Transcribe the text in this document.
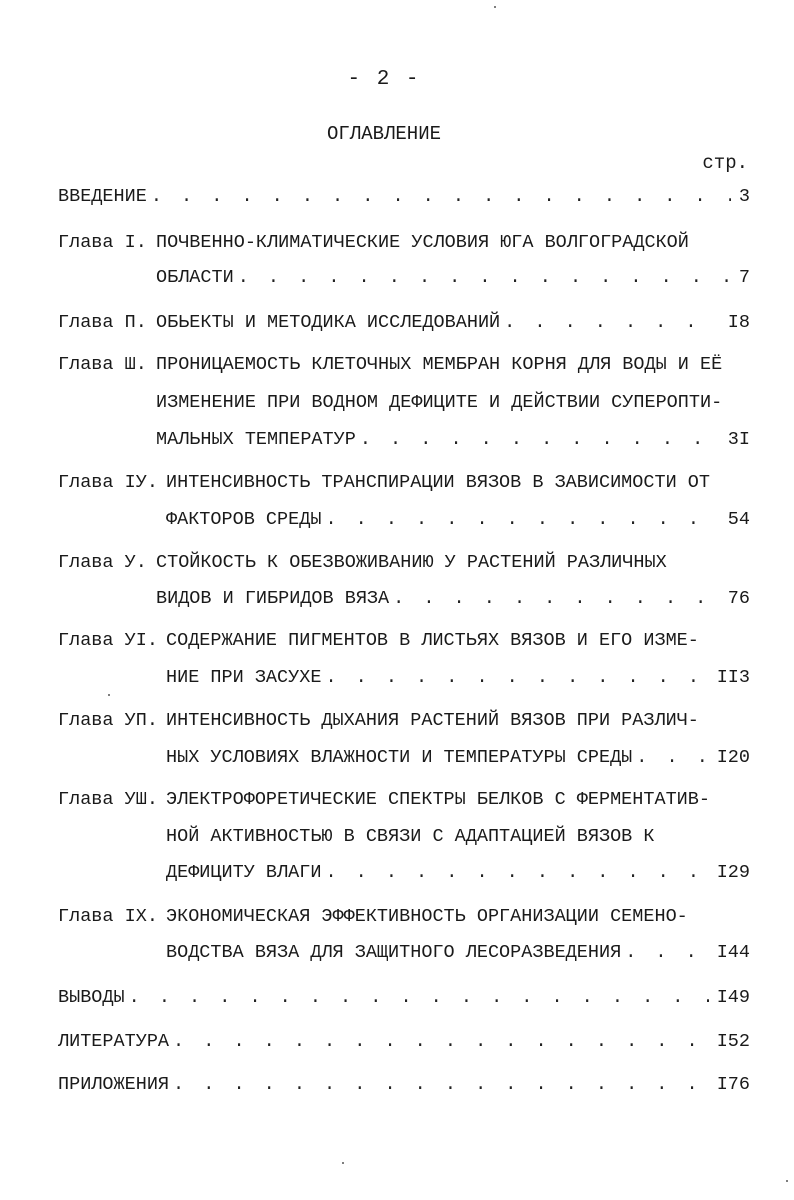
- 2 -
ОГЛАВЛЕНИЕ
стр.
ВВЕДЕНИЕ . . .	3
Глава I. ПОЧВЕННО-КЛИМАТИЧЕСКИЕ УСЛОВИЯ ЮГА ВОЛГОГРАДСКОЙ
ОБЛАСТИ . . .	7
Глава П. ОБЬЕКТЫ И МЕТОДИКА ИССЛЕДОВАНИЙ . . .	I8
Глава Ш. ПРОНИЦАЕМОСТЬ КЛЕТОЧНЫХ МЕМБРАН КОРНЯ ДЛЯ ВОДЫ И ЕЁ
ИЗМЕНЕНИЕ ПРИ ВОДНОМ ДЕФИЦИТЕ И ДЕЙСТВИИ СУПЕРОПТИ-
МАЛЬНЫХ ТЕМПЕРАТУР . . .	3I
Глава IУ. ИНТЕНСИВНОСТЬ ТРАНСПИРАЦИИ ВЯЗОВ В ЗАВИСИМОСТИ ОТ
ФАКТОРОВ СРЕДЫ . . .	54
Глава У. СТОЙКОСТЬ К ОБЕЗВОЖИВАНИЮ У РАСТЕНИЙ РАЗЛИЧНЫХ
ВИДОВ И ГИБРИДОВ ВЯЗА . . .	76
Глава УI. СОДЕРЖАНИЕ ПИГМЕНТОВ В ЛИСТЬЯХ ВЯЗОВ И ЕГО ИЗМЕ-
НИЕ ПРИ ЗАСУХЕ . . .	II3
Глава УП. ИНТЕНСИВНОСТЬ ДЫХАНИЯ РАСТЕНИЙ ВЯЗОВ ПРИ РАЗЛИЧ-
НЫХ УСЛОВИЯХ ВЛАЖНОСТИ И ТЕМПЕРАТУРЫ СРЕДЫ . . .	I20
Глава УШ. ЭЛЕКТРОФОРЕТИЧЕСКИЕ СПЕКТРЫ БЕЛКОВ С ФЕРМЕНТАТИВ-
НОЙ АКТИВНОСТЬЮ В СВЯЗИ С АДАПТАЦИЕЙ ВЯЗОВ К
ДЕФИЦИТУ ВЛАГИ . . .	I29
Глава IX. ЭКОНОМИЧЕСКАЯ ЭФФЕКТИВНОСТЬ ОРГАНИЗАЦИИ СЕМЕНО-
ВОДСТВА ВЯЗА ДЛЯ ЗАЩИТНОГО ЛЕСОРАЗВЕДЕНИЯ . . .	I44
ВЫВОДЫ . . .	I49
ЛИТЕРАТУРА . . .	I52
ПРИЛОЖЕНИЯ . . .	I76
